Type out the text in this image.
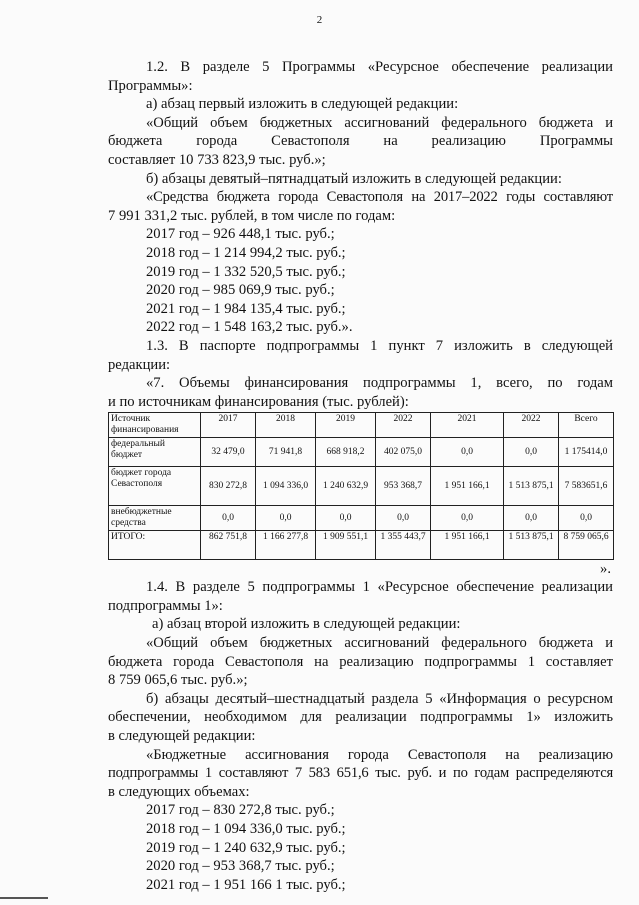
2

1.2. В разделе 5 Программы «Ресурсное обеспечение реализации

Программы»:

а) абзац первый изложить в следующей редакции:

«Общий объем бюджетных ассигнований федерального бюджета и

бюджета города Севастополя на реализацию Программы

составляет 10 733 823,9 тыс. руб.»;

б) абзацы девятый–пятнадцатый изложить в следующей редакции:

«Средства бюджета города Севастополя на 2017–2022 годы составляют

7 991 331,2 тыс. рублей, в том числе по годам:

2017 год – 926 448,1 тыс. руб.;

2018 год – 1 214 994,2 тыс. руб.;

2019 год – 1 332 520,5 тыс. руб.;

2020 год – 985 069,9 тыс. руб.;

2021 год – 1 984 135,4 тыс. руб.;

2022 год – 1 548 163,2 тыс. руб.».

1.3. В паспорте подпрограммы 1 пункт 7 изложить в следующей

редакции:

«7. Объемы финансирования подпрограммы 1, всего, по годам

и по источникам финансирования (тыс. рублей):

Источник финансирования	2017	2018	2019	2022	2021	2022	Всего
федеральный бюджет	32 479,0	71 941,8	668 918,2	402 075,0	0,0	0,0	1 175414,0
бюджет города Севастополя	830 272,8	1 094 336,0	1 240 632,9	953 368,7	1 951 166,1	1 513 875,1	7 583651,6
внебюджетные средства	0,0	0,0	0,0	0,0	0,0	0,0	0,0
ИТОГО:	862 751,8	1 166 277,8	1 909 551,1	1 355 443,7	1 951 166,1	1 513 875,1	8 759 065,6

».

1.4. В разделе 5 подпрограммы 1 «Ресурсное обеспечение реализации

подпрограммы 1»:

а) абзац второй изложить в следующей редакции:

«Общий объем бюджетных ассигнований федерального бюджета и

бюджета города Севастополя на реализацию подпрограммы 1 составляет

8 759 065,6 тыс. руб.»;

б) абзацы десятый–шестнадцатый раздела 5 «Информация о ресурсном

обеспечении, необходимом для реализации подпрограммы 1» изложить

в следующей редакции:

«Бюджетные ассигнования города Севастополя на реализацию

подпрограммы 1 составляют 7 583 651,6 тыс. руб. и по годам распределяются

в следующих объемах:

2017 год – 830 272,8 тыс. руб.;

2018 год – 1 094 336,0 тыс. руб.;

2019 год – 1 240 632,9 тыс. руб.;

2020 год – 953 368,7 тыс. руб.;

2021 год – 1 951 166 1 тыс. руб.;
